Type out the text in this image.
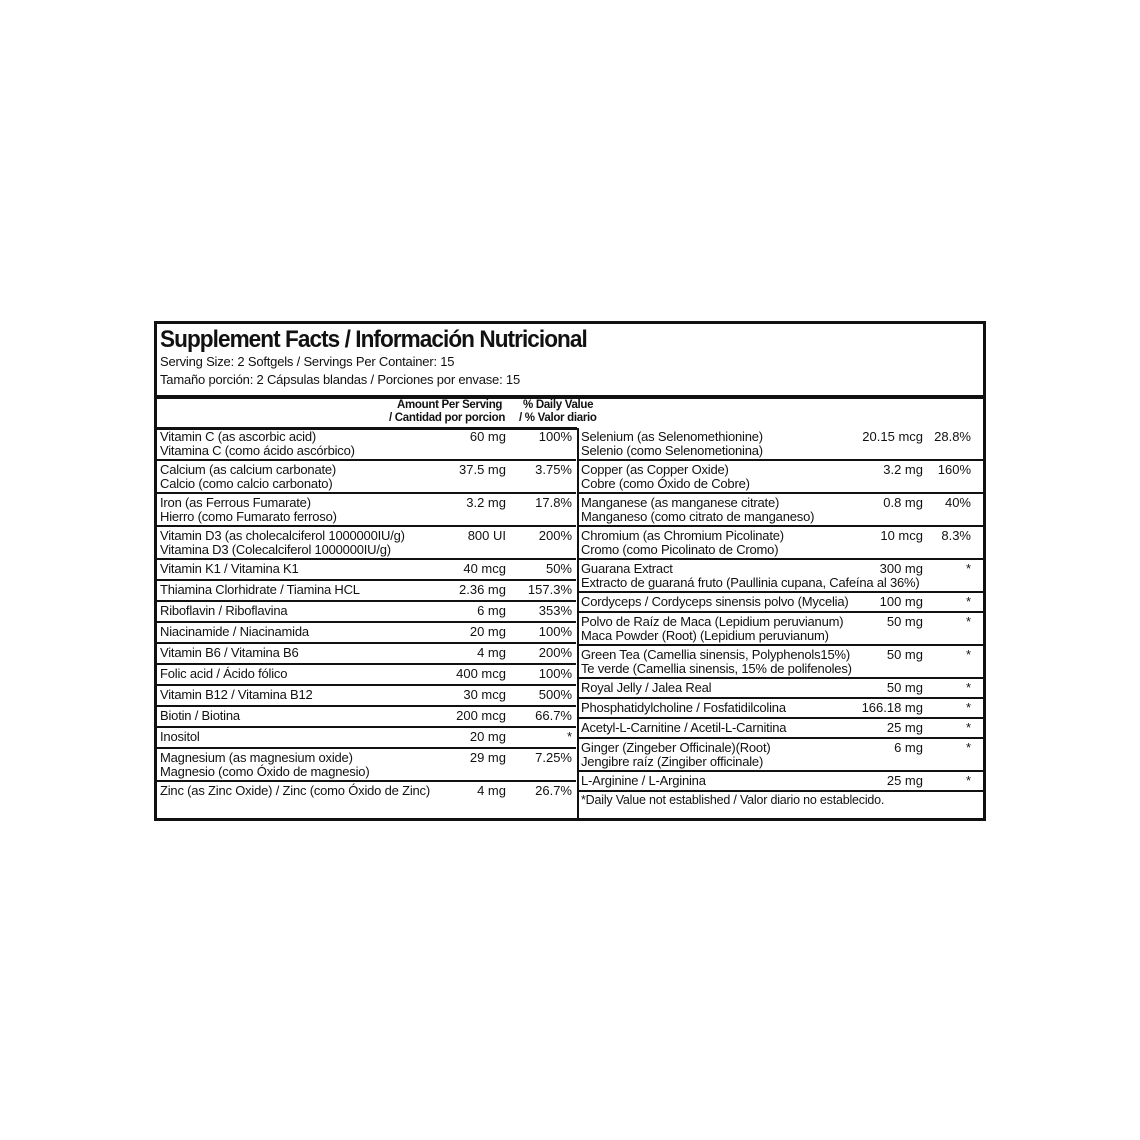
Supplement Facts / Información Nutricional
Serving Size: 2 Softgels / Servings Per Container: 15
Tamaño porción: 2 Cápsulas blandas / Porciones por envase: 15
Amount Per Serving
/ Cantidad por porcion
% Daily Value
/ % Valor diario
Vitamin C (as ascorbic acid)
Vitamina C (como ácido ascórbico)
60 mg	100%
Calcium (as calcium carbonate)
Calcio (como calcio carbonato)
37.5 mg 3.75%
Iron (as Ferrous Fumarate)
Hierro (como Fumarato ferroso)
3.2 mg 17.8%
Vitamin D3 (as cholecalciferol 1000000IU/g)
Vitamina D3 (Colecalciferol 1000000IU/g)
800 UI	200%
Vitamin K1 / Vitamina K1	40 mcg	50%
Thiamina Clorhidrate / Tiamina HCL	2.36 mg 157.3%
Riboflavin / Riboflavina	6 mg	353%
Niacinamide / Niacinamida	20 mg	100%
Vitamin B6 / Vitamina B6	4 mg	200%
Folic acid / Ácido fólico	400 mcg	100%
Vitamin B12 / Vitamina B12	30 mcg	500%
Biotin / Biotina	200 mcg 66.7%
Inositol	20 mg	*
Magnesium (as magnesium oxide)
Magnesio (como Óxido de magnesio)
29 mg 7.25%
Zinc (as Zinc Oxide) / Zinc (como Óxido de Zinc)	4 mg 26.7%
Selenium (as Selenomethionine)
Selenio (como Selenometionina)
20.15 mcg 28.8%
Copper (as Copper Oxide)
Cobre (como Óxido de Cobre)
3.2 mg 160%
Manganese (as manganese citrate)
Manganeso (como citrato de manganeso)
0.8 mg 40%
Chromium (as Chromium Picolinate)
Cromo (como Picolinato de Cromo)
10 mcg 8.3%
Guarana Extract
Extracto de guaraná fruto (Paullinia cupana, Cafeína al 36%)
300 mg	*
Cordyceps / Cordyceps sinensis polvo (Mycelia) 100 mg	*
Polvo de Raíz de Maca (Lepidium peruvianum)
Maca Powder (Root) (Lepidium peruvianum)
50 mg	*
Green Tea (Camellia sinensis, Polyphenols15%)
Te verde (Camellia sinensis, 15% de polifenoles)
50 mg	*
Royal Jelly / Jalea Real	50 mg	*
Phosphatidylcholine / Fosfatidilcolina	166.18 mg	*
Acetyl-L-Carnitine / Acetil-L-Carnitina	25 mg	*
Ginger (Zingeber Officinale)(Root)
Jengibre raíz (Zingiber officinale)
6 mg	*
L-Arginine / L-Arginina	25 mg	*
*Daily Value not established / Valor diario no establecido.
